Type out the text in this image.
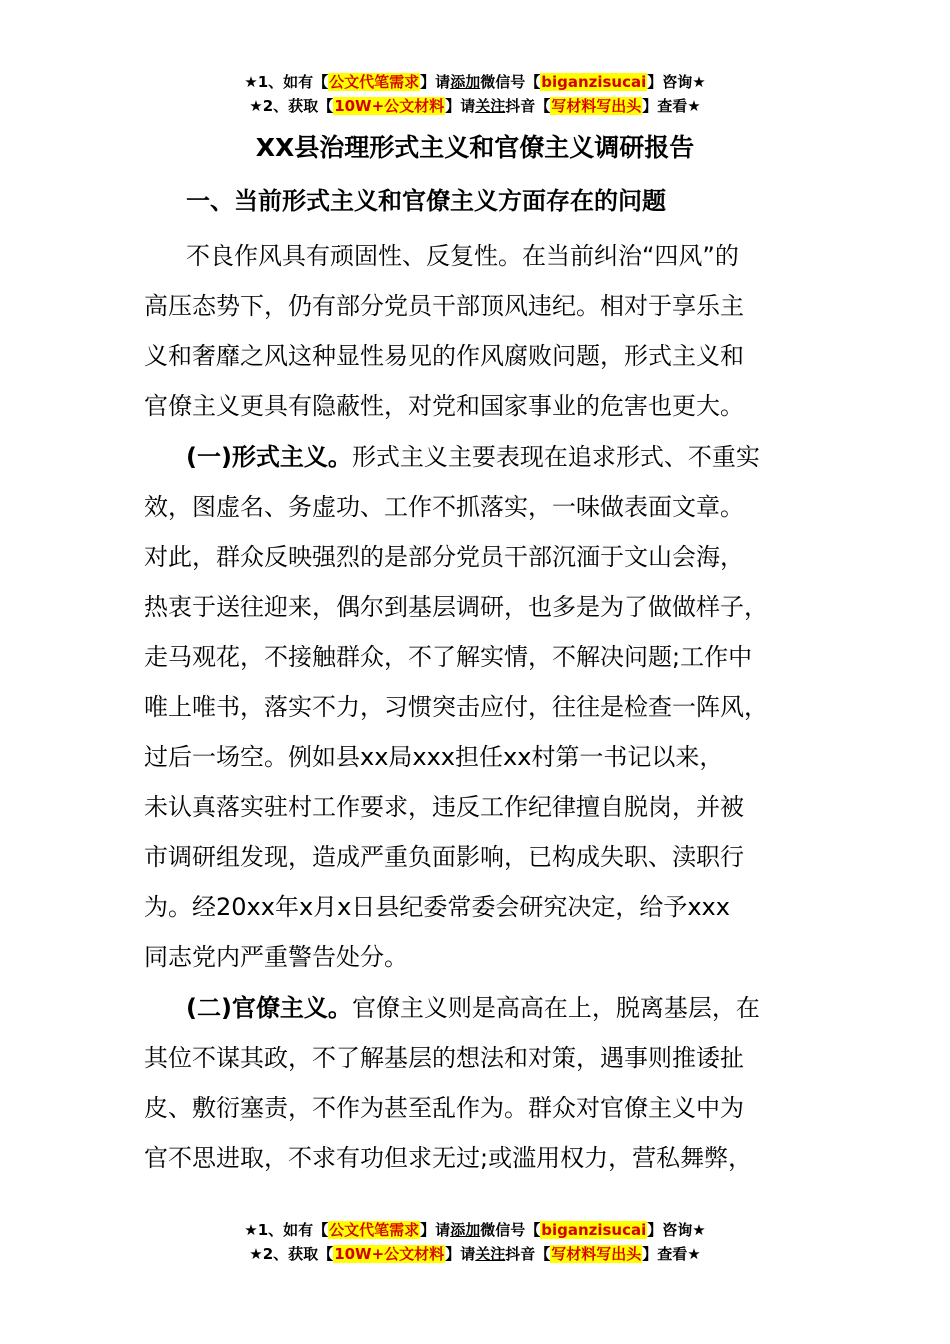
★1、如有【公文代笔需求】请添加微信号【biganzisucai】咨询★
★2、获取【10W+公文材料】请关注抖音【写材料写出头】查看★
XX县治理形式主义和官僚主义调研报告
一、当前形式主义和官僚主义方面存在的问题
不良作风具有顽固性、反复性。在当前纠治“四风”的
高压态势下，仍有部分党员干部顶风违纪。相对于享乐主
义和奢靡之风这种显性易见的作风腐败问题，形式主义和
官僚主义更具有隐蔽性，对党和国家事业的危害也更大。
(一)形式主义。形式主义主要表现在追求形式、不重实
效，图虚名、务虚功、工作不抓落实，一味做表面文章。
对此，群众反映强烈的是部分党员干部沉湎于文山会海，
热衷于送往迎来，偶尔到基层调研，也多是为了做做样子，
走马观花，不接触群众，不了解实情，不解决问题;工作中
唯上唯书，落实不力，习惯突击应付，往往是检查一阵风，
过后一场空。例如县xx局xxx担任xx村第一书记以来，
未认真落实驻村工作要求，违反工作纪律擅自脱岗，并被
市调研组发现，造成严重负面影响，已构成失职、渎职行
为。经20xx年x月x日县纪委常委会研究决定，给予xxx
同志党内严重警告处分。
(二)官僚主义。官僚主义则是高高在上，脱离基层，在
其位不谋其政，不了解基层的想法和对策，遇事则推诿扯
皮、敷衍塞责，不作为甚至乱作为。群众对官僚主义中为
官不思进取，不求有功但求无过;或滥用权力，营私舞弊，
★1、如有【公文代笔需求】请添加微信号【biganzisucai】咨询★
★2、获取【10W+公文材料】请关注抖音【写材料写出头】查看★
